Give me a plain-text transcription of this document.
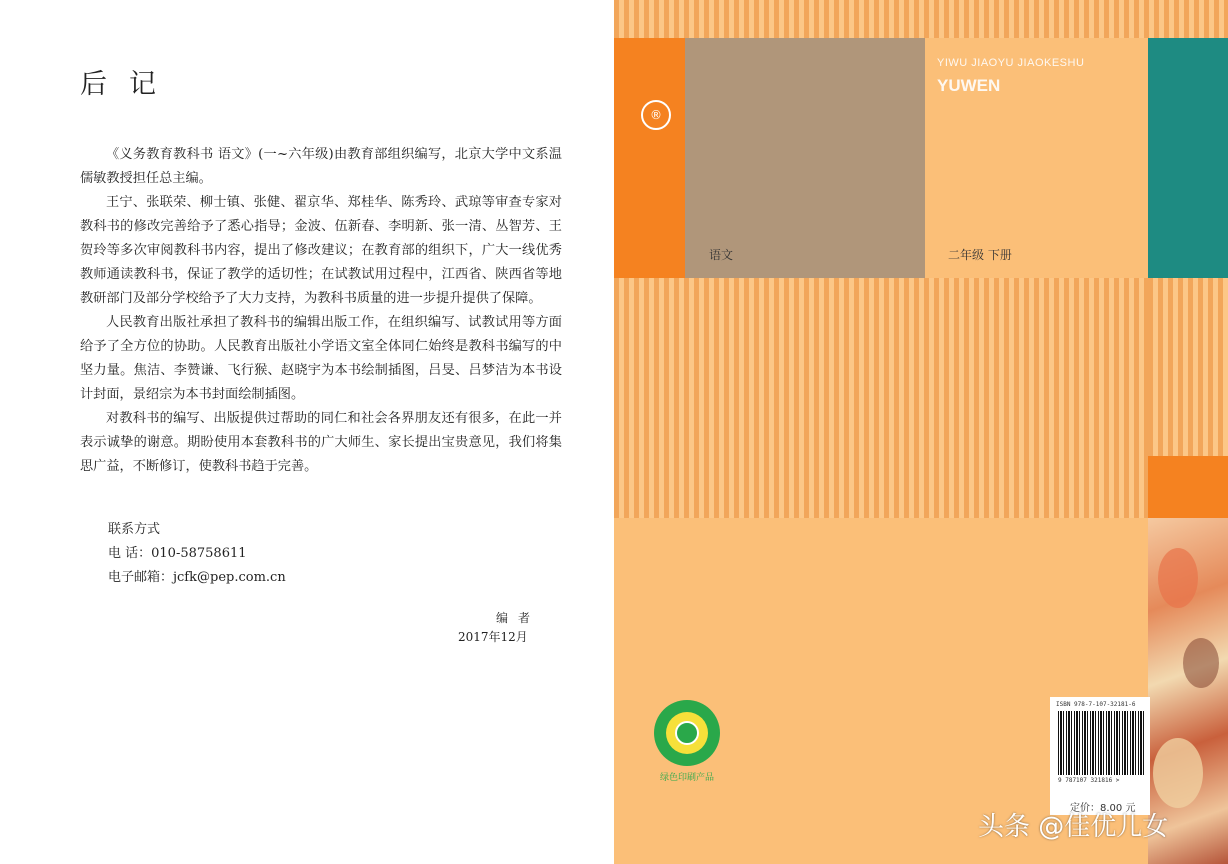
后记

《义务教育教科书 语文》(一~六年级)由教育部组织编写，北京大学中文系温儒敏教授担任总主编。

王宁、张联荣、柳士镇、张健、翟京华、郑桂华、陈秀玲、武琼等审查专家对教科书的修改完善给予了悉心指导；金波、伍新春、李明新、张一清、丛智芳、王贺玲等多次审阅教科书内容，提出了修改建议；在教育部的组织下，广大一线优秀教师通读教科书，保证了教学的适切性；在试教试用过程中，江西省、陕西省等地教研部门及部分学校给予了大力支持，为教科书质量的进一步提升提供了保障。

人民教育出版社承担了教科书的编辑出版工作，在组织编写、试教试用等方面给予了全方位的协助。人民教育出版社小学语文室全体同仁始终是教科书编写的中坚力量。焦洁、李赞谦、飞行猴、赵晓宇为本书绘制插图，吕旻、吕梦洁为本书设计封面，景绍宗为本书封面绘制插图。

对教科书的编写、出版提供过帮助的同仁和社会各界朋友还有很多，在此一并表示诚挚的谢意。期盼使用本套教科书的广大师生、家长提出宝贵意见，我们将集思广益，不断修订，使教科书趋于完善。

联系方式
电 话：010-58758611
电子邮箱：jcfk@pep.com.cn
编者
2017年12月
®
YIWU JIAOYU JIAOKESHU
YUWEN
语文	二年级 下册
绿色印刷产品
ISBN 978-7-107-32181-6
9 787107 321816 >
定价：8.00 元
头条 @佳优儿女
